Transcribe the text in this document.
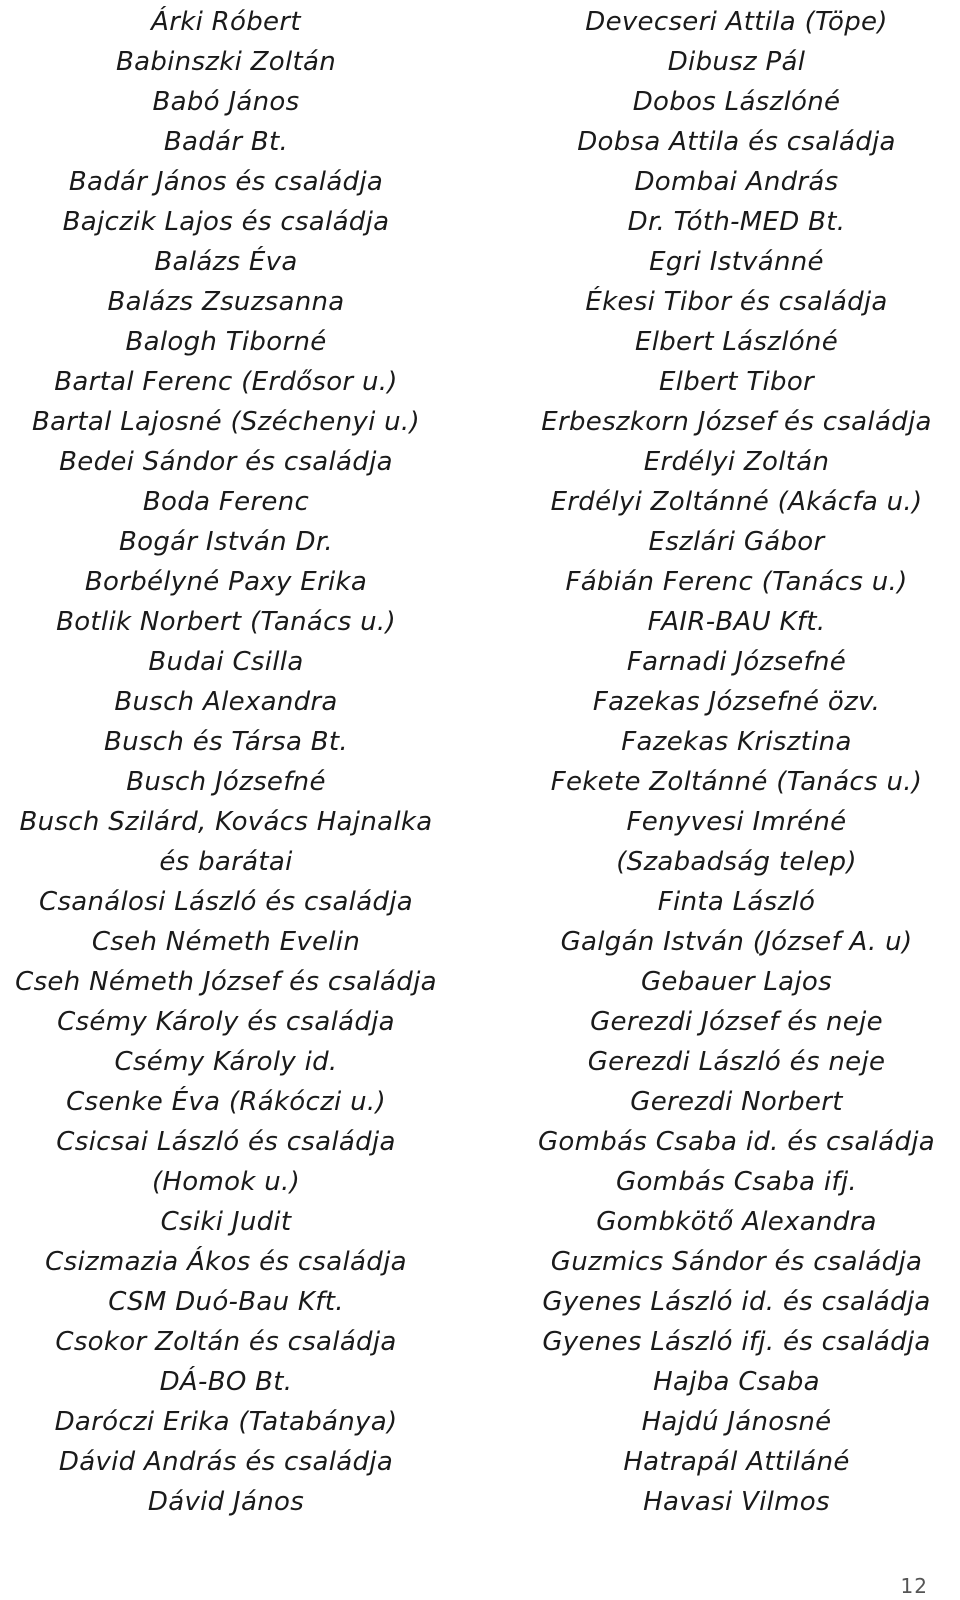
Árki Róbert
Babinszki Zoltán
Babó János
Badár Bt.
Badár János és családja
Bajczik Lajos és családja
Balázs Éva
Balázs Zsuzsanna
Balogh Tiborné
Bartal Ferenc (Erdősor u.)
Bartal Lajosné (Széchenyi u.)
Bedei Sándor és családja
Boda Ferenc
Bogár István Dr.
Borbélyné Paxy Erika
Botlik Norbert (Tanács u.)
Budai Csilla
Busch Alexandra
Busch és Társa Bt.
Busch Józsefné
Busch Szilárd, Kovács Hajnalka
és barátai
Csanálosi László és családja
Cseh Németh Evelin
Cseh Németh József és családja
Csémy Károly és családja
Csémy Károly id.
Csenke Éva (Rákóczi u.)
Csicsai László és családja
(Homok u.)
Csiki Judit
Csizmazia Ákos és családja
CSM Duó-Bau Kft.
Csokor Zoltán és családja
DÁ-BO Bt.
Daróczi Erika (Tatabánya)
Dávid András és családja
Dávid János
Devecseri Attila (Töpe)
Dibusz Pál
Dobos Lászlóné
Dobsa Attila és családja
Dombai András
Dr. Tóth-MED Bt.
Egri Istvánné
Ékesi Tibor és családja
Elbert Lászlóné
Elbert Tibor
Erbeszkorn József és családja
Erdélyi Zoltán
Erdélyi Zoltánné (Akácfa u.)
Eszlári Gábor
Fábián Ferenc (Tanács u.)
FAIR-BAU Kft.
Farnadi Józsefné
Fazekas Józsefné özv.
Fazekas Krisztina
Fekete Zoltánné (Tanács u.)
Fenyvesi Imréné
(Szabadság telep)
Finta László
Galgán István (József A. u)
Gebauer Lajos
Gerezdi József és neje
Gerezdi László és neje
Gerezdi Norbert
Gombás Csaba id. és családja
Gombás Csaba ifj.
Gombkötő Alexandra
Guzmics Sándor és családja
Gyenes László id. és családja
Gyenes László ifj. és családja
Hajba Csaba
Hajdú Jánosné
Hatrapál Attiláné
Havasi Vilmos
12
